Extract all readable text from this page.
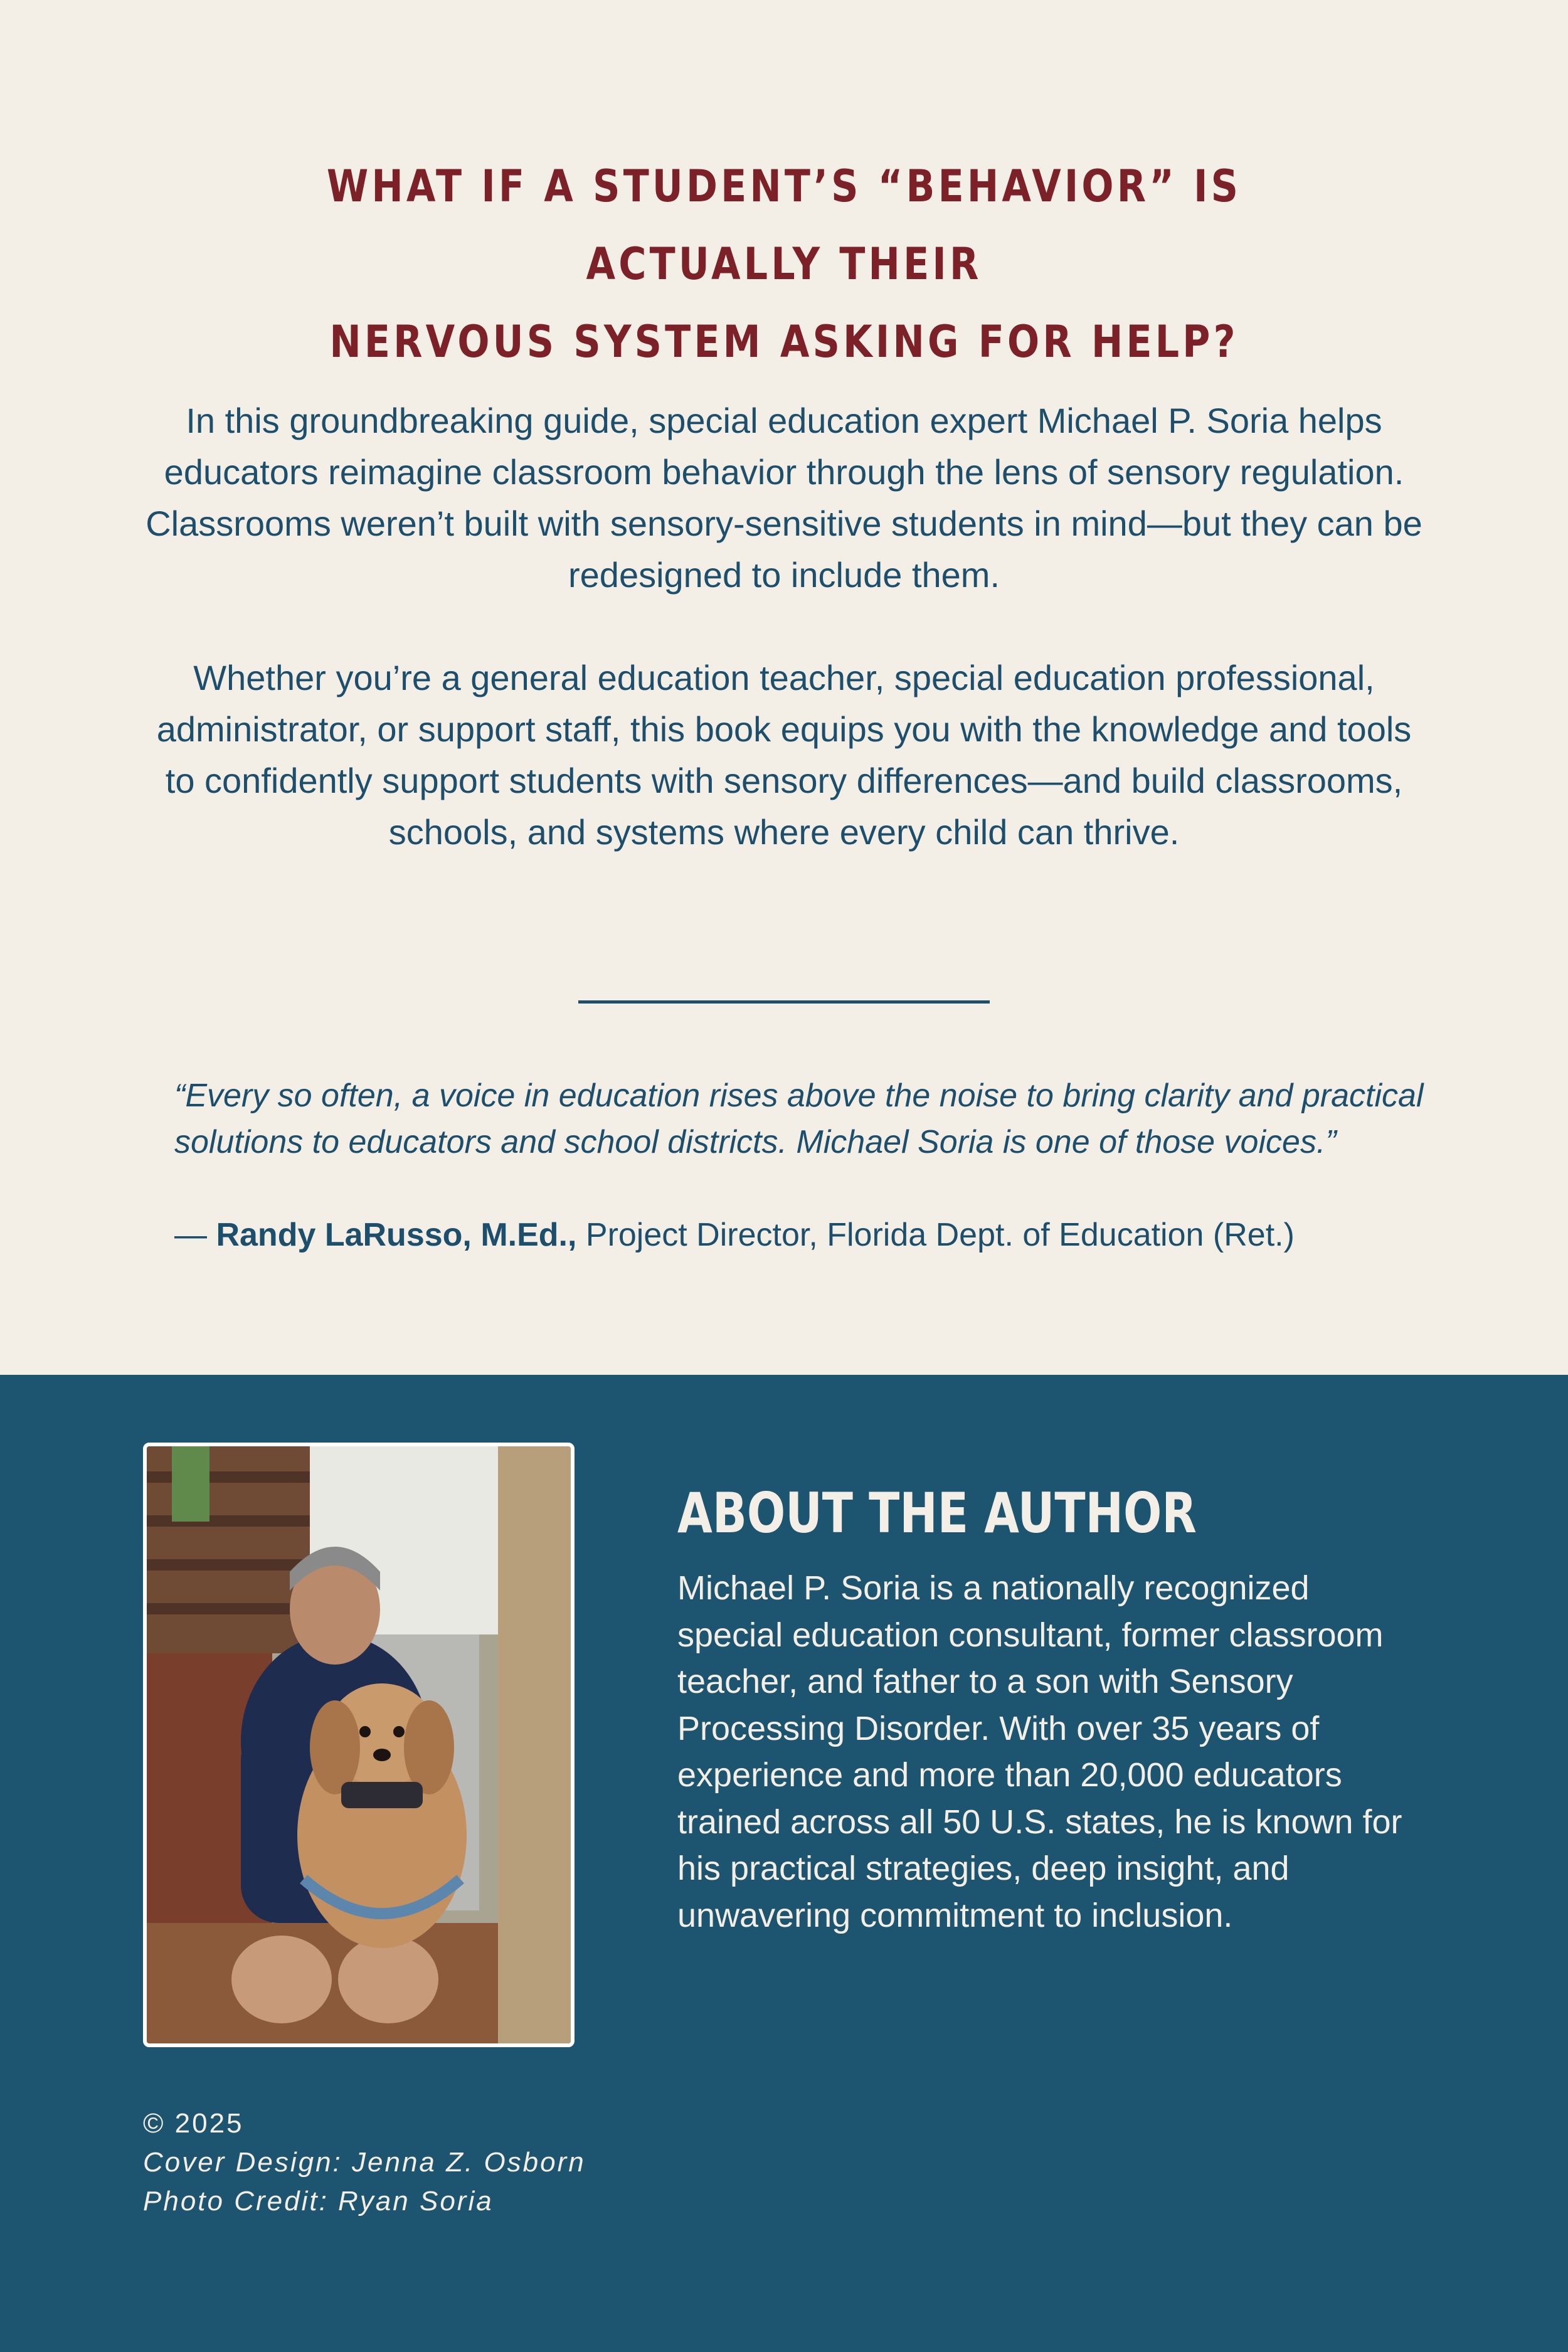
WHAT IF A STUDENT’S “BEHAVIOR” IS ACTUALLY THEIR
NERVOUS SYSTEM ASKING FOR HELP?

In this groundbreaking guide, special education expert Michael P. Soria helps educators reimagine classroom behavior through the lens of sensory regulation. Classrooms weren’t built with sensory-sensitive students in mind—but they can be redesigned to include them.

Whether you’re a general education teacher, special education professional, administrator, or support staff, this book equips you with the knowledge and tools to confidently support students with sensory differences—and build classrooms, schools, and systems where every child can thrive.

“Every so often, a voice in education rises above the noise to bring clarity and practical solutions to educators and school districts. Michael Soria is one of those voices.”

— Randy LaRusso, M.Ed., Project Director, Florida Dept. of Education (Ret.)

ABOUT THE AUTHOR

Michael P. Soria is a nationally recognized special education consultant, former classroom teacher, and father to a son with Sensory Processing Disorder. With over 35 years of experience and more than 20,000 educators trained across all 50 U.S. states, he is known for his practical strategies, deep insight, and unwavering commitment to inclusion.

© 2025
Cover Design: Jenna Z. Osborn
Photo Credit: Ryan Soria
